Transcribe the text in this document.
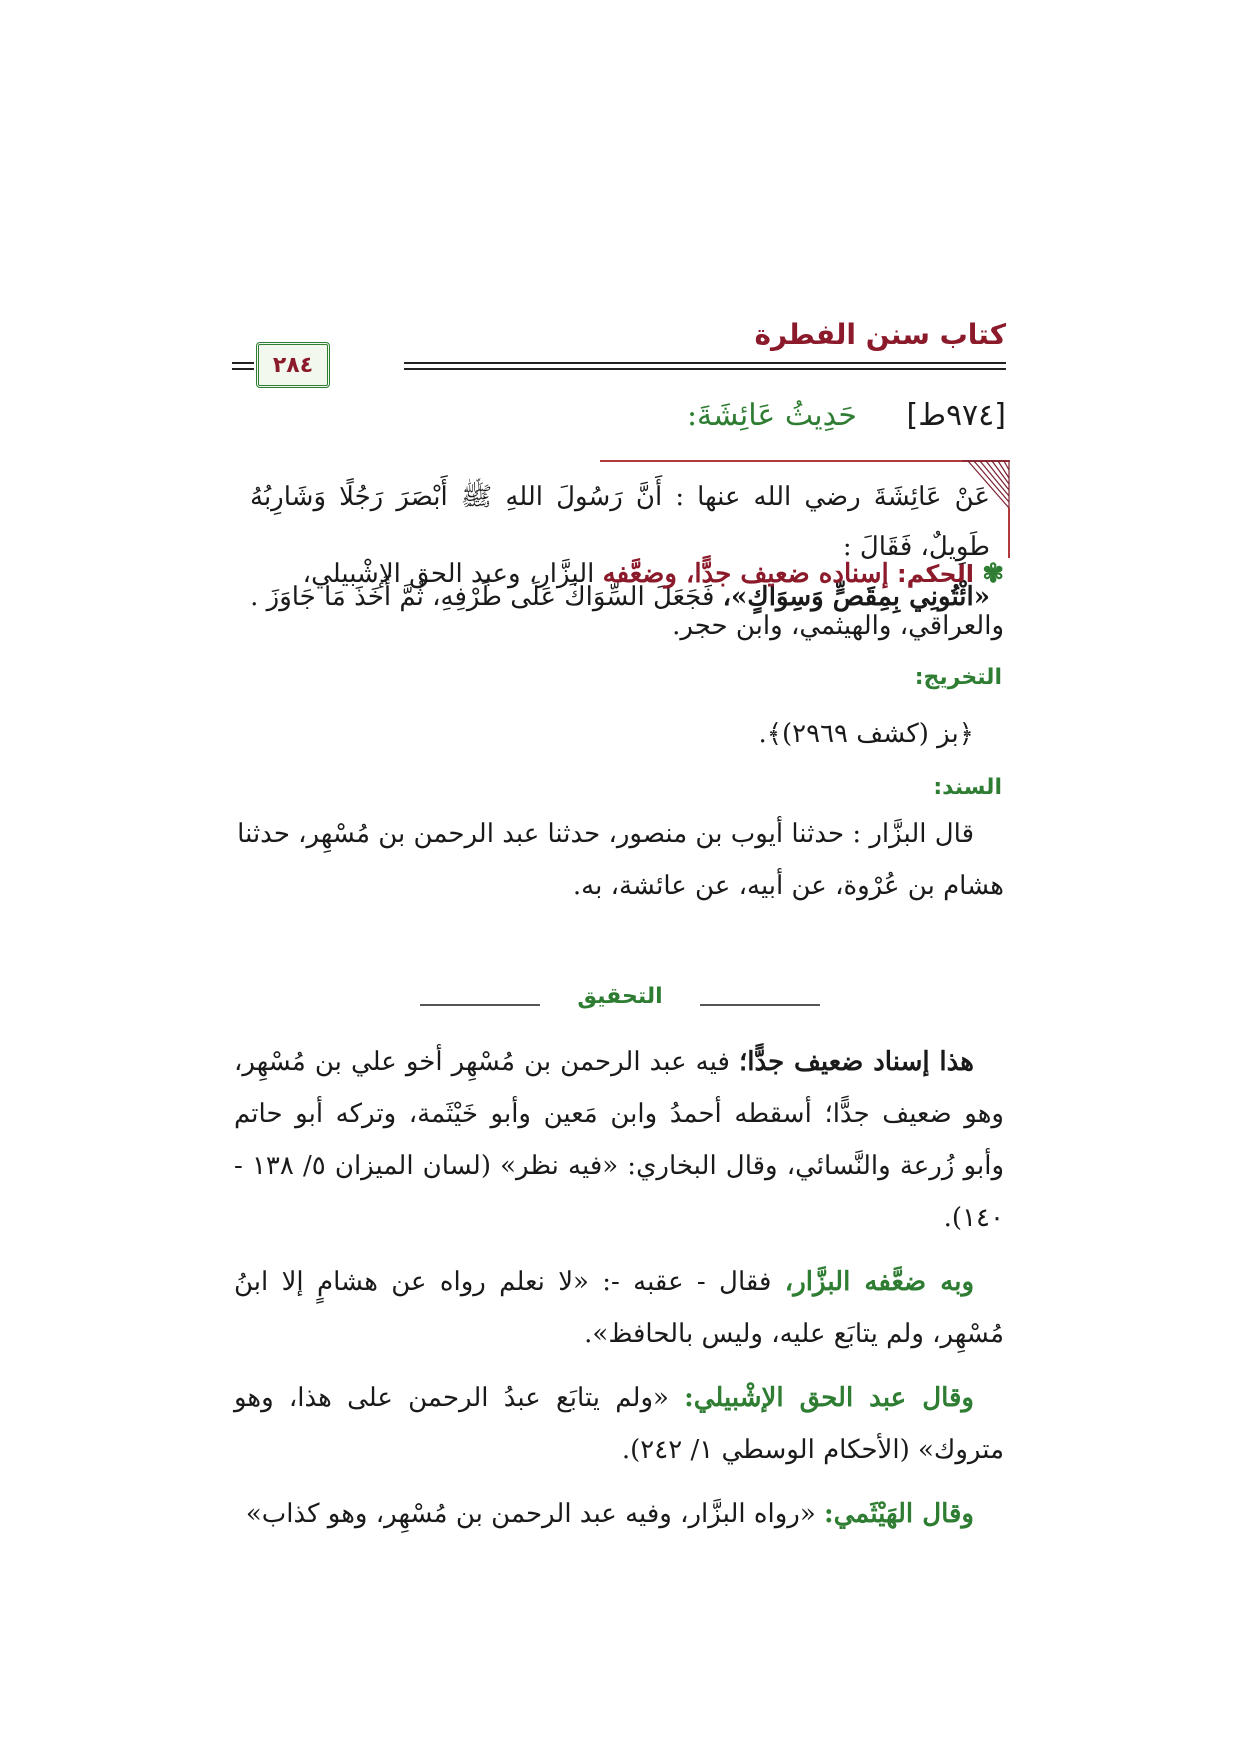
كتاب سنن الفطرة
٢٨٤
[٩٧٤ط] حَدِيثُ عَائِشَةَ:

عَنْ عَائِشَةَ رضي الله عنها : أَنَّ رَسُولَ اللهِ ﷺ أَبْصَرَ رَجُلًا وَشَارِبُهُ طَوِيلٌ، فَقَالَ :

«ائْتُونِي بِمِقَصٍّ وَسِوَاكٍ»، فَجَعَلَ السِّوَاكَ عَلَى طَرْفِهِ، ثُمَّ أَخَذَ مَا جَاوَزَ .

✾ الحكم: إسناده ضعيف جدًّا، وضعَّفه البزَّار، وعبد الحق الإشْبيلي،

والعراقي، والهيثمي، وابن حجر.

التخريج:

﴿بز (كشف ٢٩٦٩)﴾.

السند:

قال البزَّار : حدثنا أيوب بن منصور، حدثنا عبد الرحمن بن مُسْهِر، حدثنا

هشام بن عُرْوة، عن أبيه، عن عائشة، به.

التحقيق

هذا إسناد ضعيف جدًّا؛ فيه عبد الرحمن بن مُسْهِر أخو علي بن مُسْهِر، وهو ضعيف جدًّا؛ أسقطه أحمدُ وابن مَعين وأبو خَيْثَمة، وتركه أبو حاتم وأبو زُرعة والنَّسائي، وقال البخاري: «فيه نظر» (لسان الميزان ٥/ ١٣٨ - ١٤٠).

وبه ضعَّفه البزَّار، فقال - عقبه -: «لا نعلم رواه عن هشامٍ إلا ابنُ مُسْهِر، ولم يتابَع عليه، وليس بالحافظ».

وقال عبد الحق الإشْبيلي: «ولم يتابَع عبدُ الرحمن على هذا، وهو متروك» (الأحكام الوسطي ١/ ٢٤٢).

وقال الهَيْثَمي: «رواه البزَّار، وفيه عبد الرحمن بن مُسْهِر، وهو كذاب»
